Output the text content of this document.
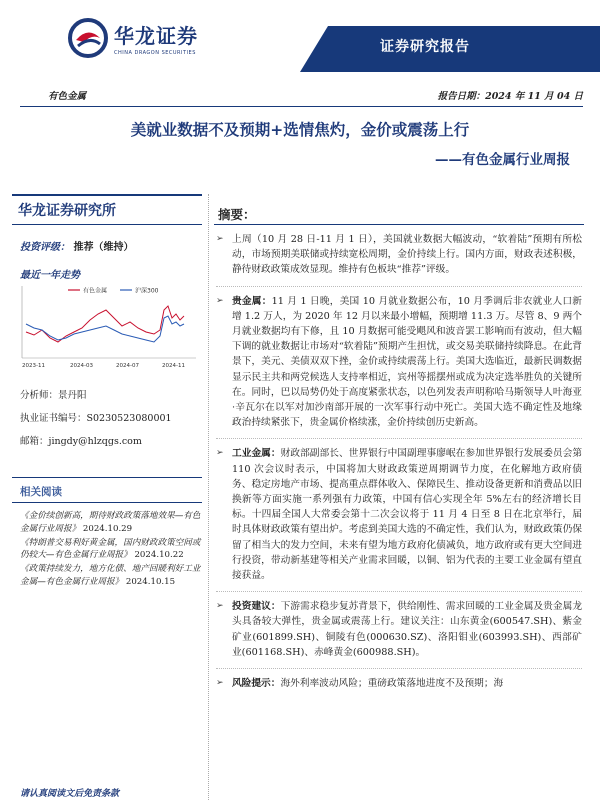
华龙证券
CHINA DRAGON SECURITIES	证券研究报告
有色金属	报告日期：2024 年 11 月 04 日
美就业数据不及预期+选情焦灼，金价或震荡上行
——有色金属行业周报
华龙证券研究所
投资评级： 推荐（维持）
最近一年走势
有色金属	沪深300
2023-11	2024-03	2024-07	2024-11
分析师：景丹阳
执业证书编号：S0230523080001
邮箱：jingdy@hlzqgs.com
相关阅读
《金价续创新高，期待财政政策落地效果—有色金属行业周报》 2024.10.29
《特朗普交易利好黄金属，国内财政政策空间或仍较大—有色金属行业周报》 2024.10.22
《政策持续发力，地方化债、地产回暖利好工业金属—有色金属行业周报》 2024.10.15
请认真阅读文后免责条款
摘要：
➢ 上周（10 月 28 日-11 月 1 日），美国就业数据大幅波动，“软着陆”预期有所松动，市场预期美联储或持续宽松周期，金价持续上行。国内方面，财政表述积极，静待财政政策成效显现。维持有色板块“推荐”评级。
➢ 贵金属：11 月 1 日晚，美国 10 月就业数据公布，10 月季调后非农就业人口新增 1.2 万人，为 2020 年 12 月以来最小增幅，预期增 11.3 万。尽管 8、9 两个月就业数据均有下修，且 10 月数据可能受飓风和波音罢工影响而有波动，但大幅下调的就业数据让市场对“软着陆”预期产生担忧，或交易美联储持续降息。在此背景下，美元、美债双双下挫，金价或持续震荡上行。美国大选临近，最新民调数据显示民主共和两党候选人支持率相近，宾州等摇摆州或成为决定选举胜负的关键所在。同时，巴以局势仍处于高度紧张状态，以色列发表声明称哈马斯领导人叶海亚·辛瓦尔在以军对加沙南部开展的一次军事行动中死亡。美国大选不确定性及地缘政治持续紧张下，贵金属价格续涨，金价持续创历史新高。
➢ 工业金属：财政部副部长、世界银行中国副理事廖岷在参加世界银行发展委员会第 110 次会议时表示，中国将加大财政政策逆周期调节力度，在化解地方政府债务、稳定房地产市场、提高重点群体收入、保障民生、推动设备更新和消费品以旧换新等方面实施一系列强有力政策，中国有信心实现全年 5%左右的经济增长目标。十四届全国人大常委会第十二次会议将于 11 月 4 日至 8 日在北京举行，届时具体财政政策有望出炉。考虑到美国大选的不确定性，我们认为，财政政策仍保留了相当大的发力空间，未来有望为地方政府化债减负，地方政府或有更大空间进行投资，带动新基建等相关产业需求回暖，以铜、铝为代表的主要工业金属有望直接获益。
➢ 投资建议：下游需求稳步复苏背景下，供给刚性、需求回暖的工业金属及贵金属龙头具备较大弹性，贵金属或震荡上行。建议关注：山东黄金(600547.SH)、紫金矿业(601899.SH)、铜陵有色(000630.SZ)、洛阳钼业(603993.SH)、西部矿业(601168.SH)、赤峰黄金(600988.SH)。
➢ 风险提示：海外利率波动风险；重磅政策落地进度不及预期；海
